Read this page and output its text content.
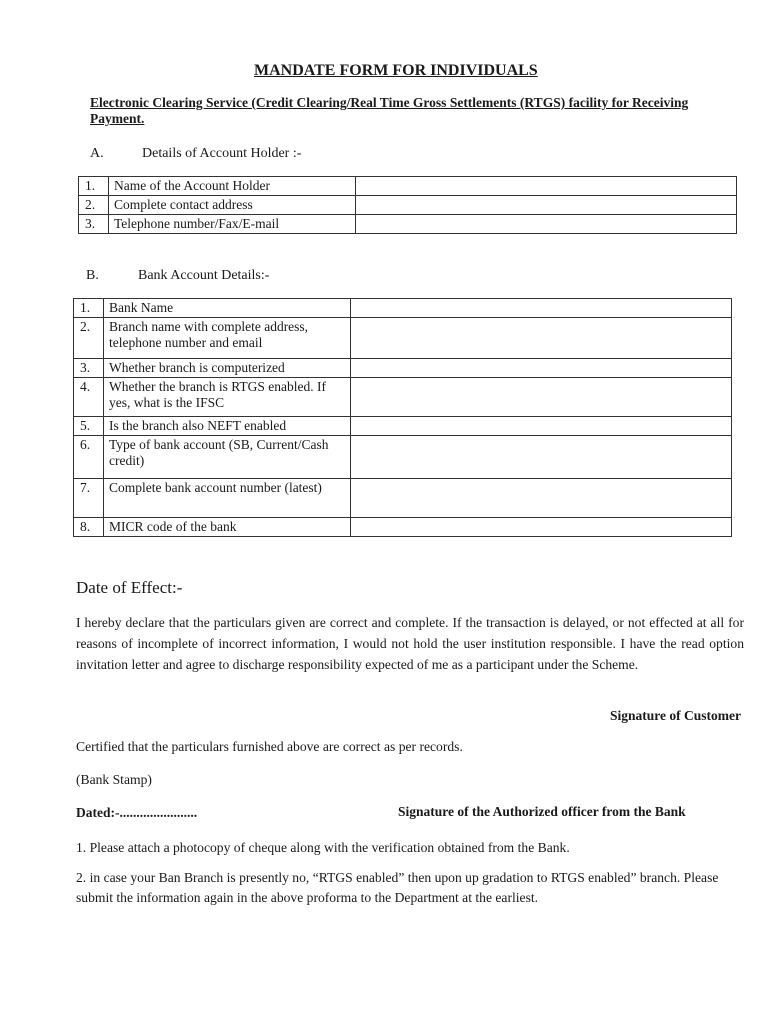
MANDATE FORM FOR INDIVIDUALS
Electronic Clearing Service (Credit Clearing/Real Time Gross Settlements (RTGS) facility for Receiving Payment.
A.	Details of Account Holder :-
1.	Name of the Account Holder	
2.	Complete contact address	
3.	Telephone number/Fax/E-mail	
B.	Bank Account Details:-
1.	Bank Name	
2.	Branch name with complete address, telephone number and email	
3.	Whether branch is computerized	
4.	Whether the branch is RTGS enabled. If yes, what is the IFSC	
5.	Is the branch also NEFT enabled	
6.	Type of bank account (SB, Current/Cash credit)	
7.	Complete bank account number (latest)	
8.	MICR code of the bank	
Date of Effect:-
I hereby declare that the particulars given are correct and complete. If the transaction is delayed, or not effected at all for reasons of incomplete of incorrect information, I would not hold the user institution responsible. I have the read option invitation letter and agree to discharge responsibility expected of me as a participant under the Scheme.
Signature of Customer
Certified that the particulars furnished above are correct as per records.
(Bank Stamp)
Dated:-.......................	Signature of the Authorized officer from the Bank
1. Please attach a photocopy of cheque along with the verification obtained from the Bank.
2. in case your Ban Branch is presently no, “RTGS enabled” then upon up gradation to RTGS enabled” branch. Please submit the information again in the above proforma to the Department at the earliest.
